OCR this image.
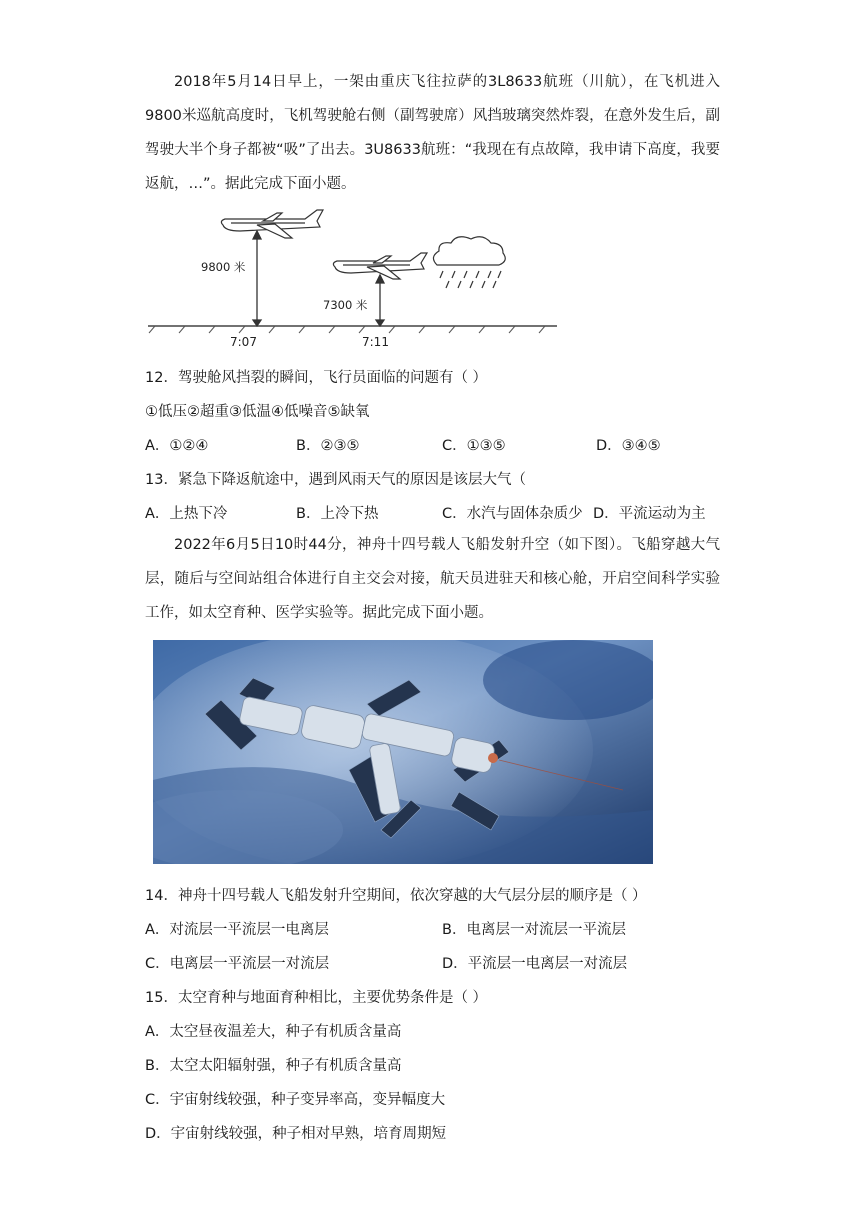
2018年5月14日早上，一架由重庆飞往拉萨的3L8633航班（川航），在飞机进入9800米巡航高度时，飞机驾驶舱右侧（副驾驶席）风挡玻璃突然炸裂，在意外发生后，副驾驶大半个身子都被“吸”了出去。3U8633航班：“我现在有点故障，我申请下高度，我要返航，…”。据此完成下面小题。
9800 米
7300 米
7:07	7:11
12．驾驶舱风挡裂的瞬间，飞行员面临的问题有（ ）
①低压②超重③低温④低噪音⑤缺氧
A．①②④	B．②③⑤	C．①③⑤	D．③④⑤
13．紧急下降返航途中，遇到风雨天气的原因是该层大气（
A．上热下冷	B．上冷下热	C．水汽与固体杂质少 D．平流运动为主
2022年6月5日10时44分，神舟十四号载人飞船发射升空（如下图）。飞船穿越大气层，随后与空间站组合体进行自主交会对接，航天员进驻天和核心舱，开启空间科学实验工作，如太空育种、医学实验等。据此完成下面小题。
14．神舟十四号载人飞船发射升空期间，依次穿越的大气层分层的顺序是（ ）
A．对流层一平流层一电离层	B．电离层一对流层一平流层
C．电离层一平流层一对流层	D．平流层一电离层一对流层
15．太空育种与地面育种相比，主要优势条件是（ ）
A．太空昼夜温差大，种子有机质含量高
B．太空太阳辐射强，种子有机质含量高
C．宇宙射线较强，种子变异率高，变异幅度大
D．宇宙射线较强，种子相对早熟，培育周期短
